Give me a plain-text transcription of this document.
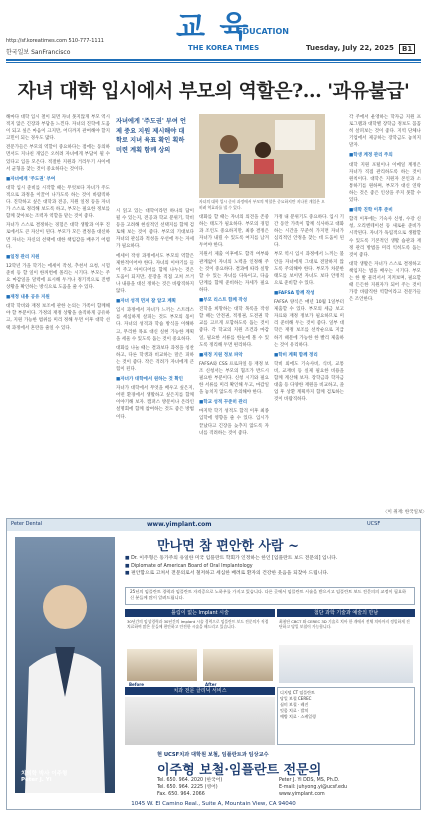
교 육
EDUCATION
http://sf.koreatimes.com 510-777-1111
한국일보 SanFrancisco
THE KOREA TIMES	Tuesday, July 22, 2025	B1
자녀 대학 입시에서 부모의 역할은?… '과유불급'

해마다 대학 입시 철이 되면 자녀 못지않게 부모 역시 적지 않은 긴장과 부담을 느낀다. 자녀의 진학에 도움이 되고 싶은 마음이 크지만, 어디까지 관여해야 할지 고민이 되는 경우도 많다.

전문가들은 부모의 역할이 중요하다는 점에는 동의하면서도 지나친 개입은 오히려 자녀에게 부담이 될 수 있다고 입을 모은다. 적절한 지원과 거리두기 사이에서 균형을 찾는 것이 중요하다는 것이다.

■자녀에게 '주도권' 부여

대학 입시 준비를 시작할 때는 무엇보다 자녀가 주도적으로 과정을 이끌어 나가도록 하는 것이 바람직하다. 진학하고 싶은 대학과 전공, 지원 일정 등을 자녀가 스스로 정리해 보도록 하고, 부모는 필요한 정보를 함께 찾아보는 조력자 역할을 맡는 것이 좋다.

자녀가 스스로 결정하는 경험은 대학 생활과 이후 진로에서도 큰 자산이 된다. 부모가 모든 결정을 대신하면 자녀는 자신의 선택에 대한 책임감을 배우기 어렵다.

■일정 관리 지원

12학년 가을 학기는 에세이 작성, 추천서 요청, 시험 준비 등 할 일이 한꺼번에 몰리는 시기다. 부모는 주요 마감일을 달력에 표시해 두거나 정기적으로 진행 상황을 확인하는 방식으로 도움을 줄 수 있다.

■재정 내용 공유 지원

대학 학비와 재정 보조에 관한 논의는 가족이 함께해야 할 부분이다. 가정의 재정 상황을 솔직하게 공유하고, 지원 가능한 범위를 미리 정해 두면 이후 대학 선택 과정에서 혼란을 줄일 수 있다.

자녀에게 '주도권' 부여 언제 중요 지원 제시해야 대학로 지녀 육표 확인 획하 미련 계획 함께 상의

시 읽고 있는 대학이라면 하나의 답이 될 수 있는지, 전공과 학교 분위기, 학비 등을 고려해 현실적인 선택지를 함께 검토해 보는 것이 좋다. 부모의 기대보다 자녀의 관심과 적성을 우선에 두는 자세가 필요하다.

에세이 작성 과정에서도 부모의 역할은 제한적이어야 한다. 자녀의 이야기를 들어 주고 아이디어를 함께 나누는 것은 도움이 되지만, 문장을 직접 고쳐 쓰거나 내용을 대신 정하는 것은 바람직하지 않다.

■자녀 성격 먼저 잘 알고 계획

입시 과정에서 자녀가 느끼는 스트레스를 세심하게 살피는 것도 부모의 몫이다. 자녀의 성격과 학습 방식을 이해하고, 무리한 목표 대신 실현 가능한 계획을 세울 수 있도록 돕는 것이 중요하다.

대화를 나눌 때는 결과보다 과정을 칭찬하고, 다른 학생과 비교하는 말은 피하는 것이 좋다. 작은 격려가 자녀에게 큰 힘이 된다.

■자녀가 대학에서 원하는 것 확인

자녀가 대학에서 무엇을 배우고 싶은지, 어떤 환경에서 생활하고 싶은지를 함께 이야기해 보자. 캠퍼스 방문이나 온라인 설명회에 함께 참여하는 것도 좋은 방법이다.

자녀의 대학 입시 준비 과정에서 부모의 역할은 중요하지만 지나친 개입은 오히려 역효과를 낼 수 있다.

대화를 할 때는 자녀의 의견을 존중하는 태도가 필요하다. 부모의 경험과 조언도 중요하지만, 최종 결정은 자녀가 내릴 수 있도록 여지를 남겨 두어야 한다.

지원서 제출 이후에도 합격 여부와 관계없이 자녀의 노력을 인정해 주는 것이 중요하다. 결과에 따라 실망할 수 있는 자녀를 다독이고, 다음 단계를 함께 준비하는 자세가 필요하다.

■부모 리스트 함께 작성

진학을 희망하는 대학 목록을 작성할 때는 안전권, 적정권, 도전권 학교를 고르게 포함하도록 돕는 것이 좋다. 각 학교의 지원 조건과 마감일, 필요한 서류를 한눈에 볼 수 있도록 정리해 두면 편리하다.

■재정 지원 정보 파악

FAFSA와 CSS 프로파일 등 재정 보조 신청서는 부모의 협조가 반드시 필요한 부분이다. 신청 시기와 필요한 서류를 미리 확인해 두고, 마감일을 놓치지 않도록 주의해야 한다.

■학교 성적 꾸준히 관리

마지막 학기 성적도 합격 이후 최종 입학에 영향을 줄 수 있다. 입시가 끝났다고 긴장을 늦추지 않도록 자녀를 격려하는 것이 좋다.

가정 내 분위기도 중요하다. 입시 기간 동안 가족이 함께 식사하고 대화하는 시간을 꾸준히 가지면 자녀가 심리적인 안정을 찾는 데 도움이 된다.

부모 역시 입시 과정에서 느끼는 불안을 자녀에게 그대로 전달하지 않도록 주의해야 한다. 부모가 차분한 태도를 보이면 자녀도 보다 안정적으로 준비할 수 있다.

■FAFSA 함께 작성

FAFSA 양식은 매년 10월 1일부터 제출할 수 있다. 부모의 세금 보고 자료와 재정 정보가 필요하므로 미리 준비해 두는 것이 좋다. 일부 대학은 재정 보조를 선착순으로 지급하기 때문에 가능한 한 빨리 제출하는 것이 유리하다.

■학비 계획 함께 정리

학비 외에도 기숙사비, 식비, 교통비, 교재비 등 실제 필요한 비용을 함께 계산해 보자. 장학금과 학자금 대출 등 다양한 재원을 비교하고, 졸업 후 상환 계획까지 함께 검토하는 것이 바람직하다.

각 주에서 운영하는 학자금 지원 프로그램과 대학별 장학금 정보도 꼼꼼히 살펴보는 것이 좋다. 지역 단체나 기업에서 제공하는 장학금도 놓치지 말자.

■학생 계정 관리 주의

대학 지원 포털이나 이메일 계정은 자녀가 직접 관리하도록 하는 것이 원칙이다. 대학은 지원자 본인과 소통하기를 원하며, 부모가 대신 연락하는 것은 좋은 인상을 주지 못할 수 있다.

■대학 진학 이후 준비

합격 이후에는 기숙사 신청, 수강 신청, 오리엔테이션 등 새로운 준비가 시작된다. 자녀가 독립적으로 생활할 수 있도록 기본적인 생활 습관과 재정 관리 방법을 미리 익히도록 돕는 것이 좋다.

대학 생활은 자녀가 스스로 결정하고 책임지는 법을 배우는 시기다. 부모는 한 발 물러서서 지켜보며, 필요할 때 든든한 지원자가 되어 주는 것이 가장 바람직한 역할이라고 전문가들은 조언한다.

〈이 취재: 한국일보〉
Peter Dental	www.yimplant.com	UCSF
치의학 박사 이주형
Peter J. Yi
만나면 참 편안한 사람 ~
■ Dr. 이주형은 동가주의 유일한 미국 임플란트 학회가 인정하는 한인 [임플란트 보드 전문의] 입니다.
■ Diplomate of American Board of Oral Implantology
■ 편안함으로 고쳐서 전문의로서 철저하고 세심한 배려로 환자의 건강한 웃음을 되찾아 드립니다.
25년의 임플란트 경력과 임플란트 자격증으로 노하우를 가지고 있습니다. 다른 곳에서 임플란트 시술을 받으시고 임플란트 보드 전문의의 교정이 필요하신 분들께 많이 알려드립니다.
틀림이 없는 Implant 시술	첨단 과학 기술과 예술의 만남
30년간의 임상경력과 30년간의 Implant 시술 경력으로 임플란트 보드 전문의가 직접 치료하여 많은 분들께 편안하고 안전한 시술을 해드리고 있습니다.
최첨단 CBCT 와 CEREC 3D 기술로 치아 한 개에서 전체 치아까지 정밀하게 진단하고 당일 보철이 가능합니다.
Before	After
치과 전문 클리닉 서비스	디지털 CT 임플란트
당일 보철 CEREC
심미 보철 · 레진
잇몸 치료 · 발치
예방 치료 · 스케일링
현 UCSF치과 대학원 보철, 임플란트과 임상교수
이주형 보철·임플란트 전문의
Tel. 650. 964. 2020 (한국어)
Tel. 650. 964. 2225 (영어)
Fax. 650. 964. 2066
Peter J. Yi DDS, MS, Ph.D.
E-mail: juhyong.yi@ucsf.edu
www.yimplant.com
1045 W. El Camino Real., Suite A, Mountain View, CA 94040
